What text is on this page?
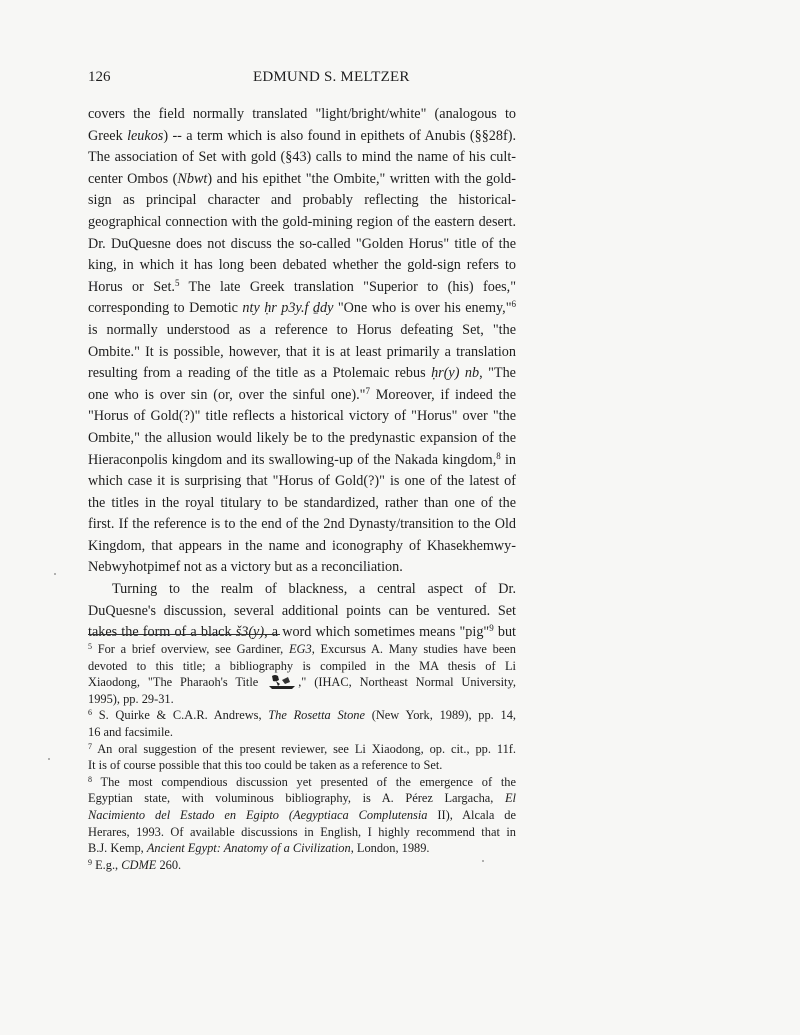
126	EDMUND S. MELTZER
covers the field normally translated "light/bright/white" (analogous to
Greek leukos) -- a term which is also found in epithets of Anubis (§§28f).
The association of Set with gold (§43) calls to mind the name of his cult-
center Ombos (Nbwt) and his epithet "the Ombite," written with the gold-
sign as principal character and probably reflecting the historical-
geographical connection with the gold-mining region of the eastern desert.
Dr. DuQuesne does not discuss the so-called "Golden Horus" title of the
king, in which it has long been debated whether the gold-sign refers to
Horus or Set.$^5$ The late Greek translation "Superior to (his) foes,"
corresponding to Demotic nty ḥr p3y.f ḏdy "One who is over his enemy,"$^6$
is normally understood as a reference to Horus defeating Set, "the
Ombite." It is possible, however, that it is at least primarily a translation
resulting from a reading of the title as a Ptolemaic rebus ḥr(y) nb, "The
one who is over sin (or, over the sinful one)."$^7$ Moreover, if indeed the
"Horus of Gold(?)" title reflects a historical victory of "Horus" over "the
Ombite," the allusion would likely be to the predynastic expansion of the
Hieraconpolis kingdom and its swallowing-up of the Nakada kingdom,$^8$ in
which case it is surprising that "Horus of Gold(?)" is one of the latest of
the titles in the royal titulary to be standardized, rather than one of the
first. If the reference is to the end of the 2nd Dynasty/transition to the Old
Kingdom, that appears in the name and iconography of Khasekhemwy-
Nebwyhotpimef not as a victory but as a reconciliation.
Turning to the realm of blackness, a central aspect of Dr.
DuQuesne's discussion, several additional points can be ventured. Set
takes the form of a black š3(y), a word which sometimes means "pig"$^9$ but
$^5$ For a brief overview, see Gardiner, EG3, Excursus A. Many studies have been
devoted to this title; a bibliography is compiled in the MA thesis of Li
Xiaodong, "The Pharaoh's Title	," (IHAC, Northeast Normal University,
1995), pp. 29-31.
$^6$ S. Quirke & C.A.R. Andrews, The Rosetta Stone (New York, 1989), pp. 14,
16 and facsimile.
$^7$ An oral suggestion of the present reviewer, see Li Xiaodong, op. cit., pp. 11f.
It is of course possible that this too could be taken as a reference to Set.
$^8$ The most compendious discussion yet presented of the emergence of the
Egyptian state, with voluminous bibliography, is A. Pérez Largacha, El
Nacimiento del Estado en Egipto (Aegyptiaca Complutensia II), Alcala de
Herares, 1993. Of available discussions in English, I highly recommend that in
B.J. Kemp, Ancient Egypt: Anatomy of a Civilization, London, 1989.
$^9$ E.g., CDME 260.
